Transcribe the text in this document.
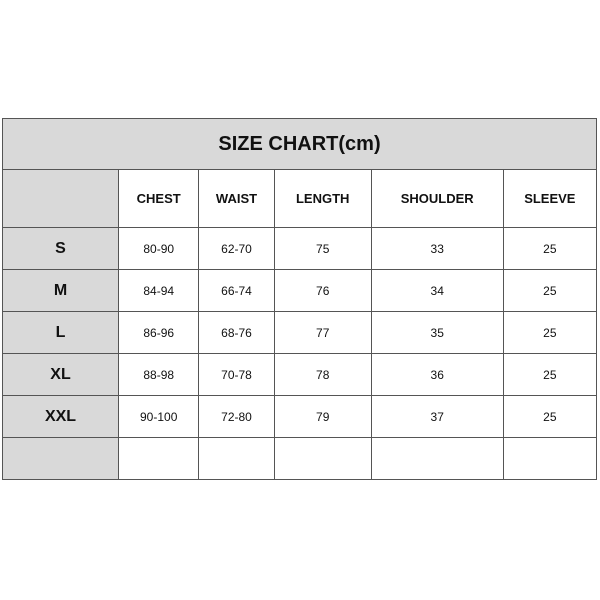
SIZE CHART(cm)					
	CHEST	WAIST	LENGTH	SHOULDER	SLEEVE
S	80-90	62-70	75	33	25
M	84-94	66-74	76	34	25
L	86-96	68-76	77	35	25
XL	88-98	70-78	78	36	25
XXL	90-100	72-80	79	37	25
